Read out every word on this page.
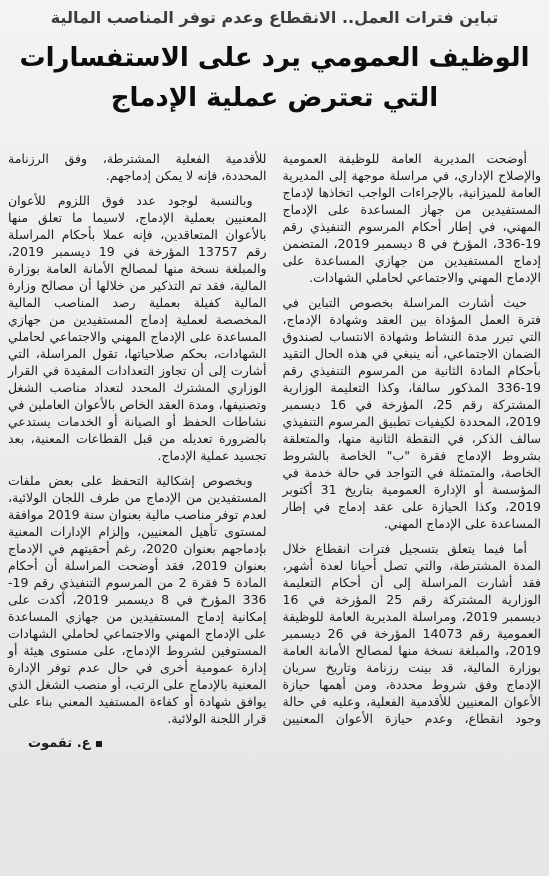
تباين فترات العمل.. الانقطاع وعدم توفر المناصب المالية
الوظيف العمومي يرد على الاستفسارات
التي تعترض عملية الإدماج

أوضحت المديرية العامة للوظيفة العمومية والإصلاح الإداري، في مراسلة موجهة إلى المديرية العامة للميزانية، بالإجراءات الواجب اتخاذها لإدماج المستفيدين من جهاز المساعدة على الإدماج المهني، في إطار أحكام المرسوم التنفيذي رقم 19-336، المؤرخ في 8 ديسمبر 2019، المتضمن إدماج المستفيدين من جهازي المساعدة على الإدماج المهني والاجتماعي لحاملي الشهادات.

حيث أشارت المراسلة بخصوص التباين في فترة العمل المؤداة بين العقد وشهادة الإدماج، التي تبرر مدة النشاط وشهادة الانتساب لصندوق الضمان الاجتماعي، أنه ينبغي في هذه الحال التقيد بأحكام المادة الثانية من المرسوم التنفيذي رقم 19-336 المذكور سالفا، وكذا التعليمة الوزارية المشتركة رقم 25، المؤرخة في 16 ديسمبر 2019، المحددة لكيفيات تطبيق المرسوم التنفيذي سالف الذكر، في النقطة الثانية منها، والمتعلقة بشروط الإدماج فقرة "ب" الخاصة بالشروط الخاصة، والمتمثلة في التواجد في حالة خدمة في المؤسسة أو الإدارة العمومية بتاريخ 31 أكتوبر 2019، وكذا الحيازة على عقد إدماج في إطار المساعدة على الإدماج المهني.

أما فيما يتعلق بتسجيل فترات انقطاع خلال المدة المشترطة، والتي تصل أحيانا لعدة أشهر، فقد أشارت المراسلة إلى أن أحكام التعليمة الوزارية المشتركة رقم 25 المؤرخة في 16 ديسمبر 2019، ومراسلة المديرية العامة للوظيفة العمومية رقم 14073 المؤرخة في 26 ديسمبر 2019، والمبلغة نسخة منها لمصالح الأمانة العامة بوزارة المالية، قد بينت رزنامة وتاريخ سريان الإدماج وفق شروط محددة، ومن أهمها حيازة الأعوان المعنيين للأقدمية الفعلية، وعليه في حالة وجود انقطاع، وعدم حيازة الأعوان المعنيين للأقدمية الفعلية المشترطة، وفق الرزنامة المحددة، فإنه لا يمكن إدماجهم.

وبالنسبة لوجود عدد فوق اللزوم للأعوان المعنيين بعملية الإدماج، لاسيما ما تعلق منها بالأعوان المتعاقدين، فإنه عملا بأحكام المراسلة رقم 13757 المؤرخة في 19 ديسمبر 2019، والمبلغة نسخة منها لمصالح الأمانة العامة بوزارة المالية، فقد تم التذكير من خلالها أن مصالح وزارة المالية كفيلة بعملية رصد المناصب المالية المخصصة لعملية إدماج المستفيدين من جهازي المساعدة على الإدماج المهني والاجتماعي لحاملي الشهادات، بحكم صلاحياتها، تقول المراسلة، التي أشارت إلى أن تجاوز التعدادات المقيدة في القرار الوزاري المشترك المحدد لتعداد مناصب الشغل وتصنيفها، ومدة العقد الخاص بالأعوان العاملين في نشاطات الحفظ أو الصيانة أو الخدمات يستدعي بالضرورة تعديله من قبل القطاعات المعنية، بعد تجسيد عملية الإدماج.

وبخصوص إشكالية التحفظ على بعض ملفات المستفيدين من الإدماج من طرف اللجان الولائية، لعدم توفر مناصب مالية بعنوان سنة 2019 موافقة لمستوى تأهيل المعنيين، وإلزام الإدارات المعنية بإدماجهم بعنوان 2020، رغم أحقيتهم في الإدماج بعنوان 2019، فقد أوضحت المراسلة أن أحكام المادة 5 فقرة 2 من المرسوم التنفيذي رقم 19-336 المؤرخ في 8 ديسمبر 2019، أكدت على إمكانية إدماج المستفيدين من جهازي المساعدة على الإدماج المهني والاجتماعي لحاملي الشهادات المستوفين لشروط الإدماج، على مستوى هيئة أو إدارة عمومية أخرى في حال عدم توفر الإدارة المعنية بالإدماج على الرتب، أو منصب الشغل الذي يوافق شهادة أو كفاءة المستفيد المعني بناء على قرار اللجنة الولائية.

ع. تقموت
